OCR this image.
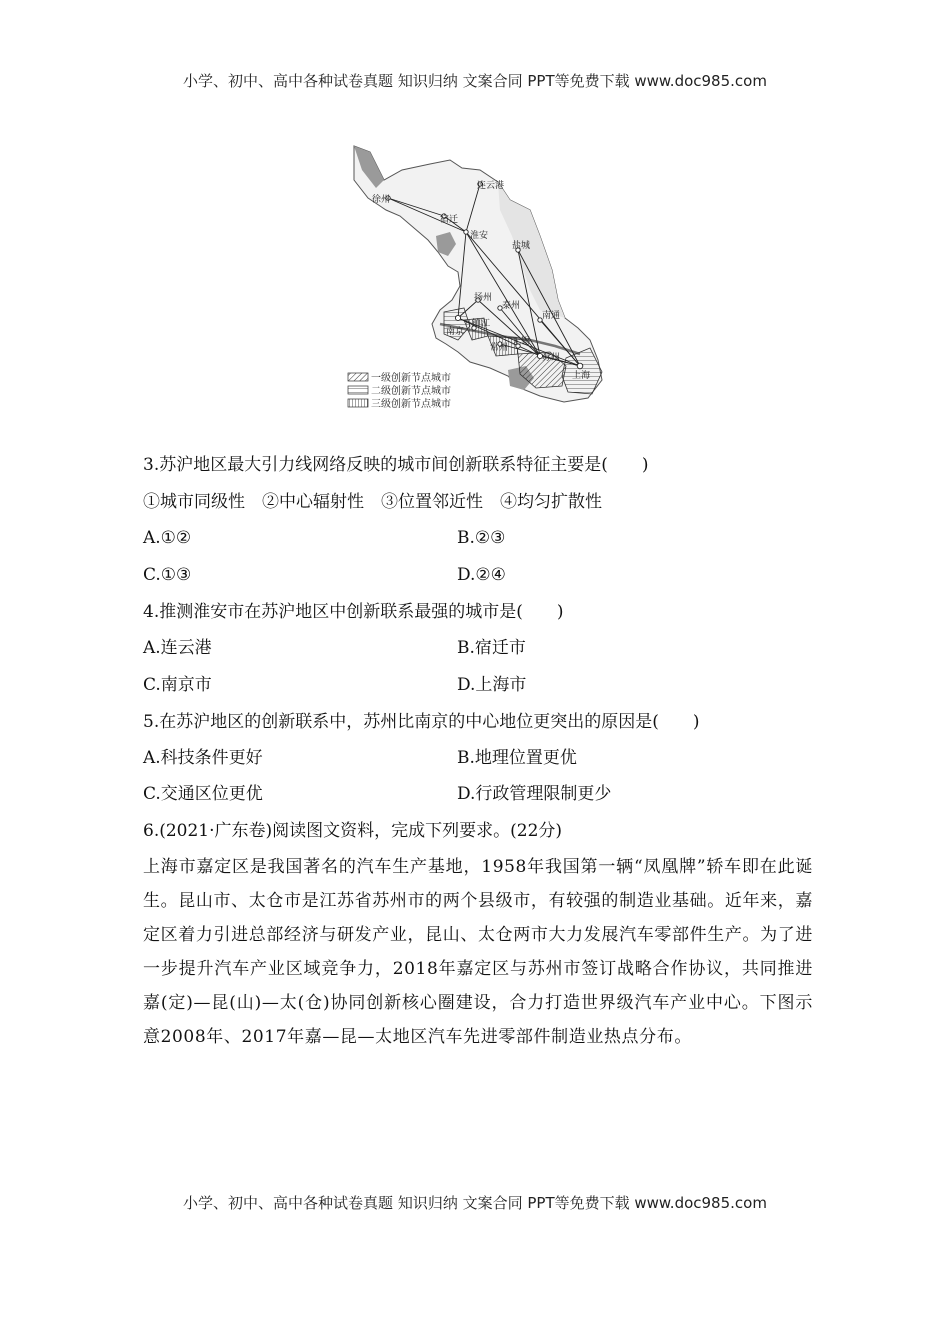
小学、初中、高中各种试卷真题 知识归纳 文案合同 PPT等免费下载 www.doc985.com
连云港
徐州
宿迁
淮安
盐城
扬州
泰州
南通
南京
镇江
常州
无锡
苏州
上海
一级创新节点城市
二级创新节点城市
三级创新节点城市
3.苏沪地区最大引力线网络反映的城市间创新联系特征主要是(　　)
①城市同级性　②中心辐射性　③位置邻近性　④均匀扩散性
A.①②	B.②③
C.①③	D.②④
4.推测淮安市在苏沪地区中创新联系最强的城市是(　　)
A.连云港	B.宿迁市
C.南京市	D.上海市
5.在苏沪地区的创新联系中，苏州比南京的中心地位更突出的原因是(　　)
A.科技条件更好	B.地理位置更优
C.交通区位更优	D.行政管理限制更少
6.(2021·广东卷)阅读图文资料，完成下列要求。(22分)

上海市嘉定区是我国著名的汽车生产基地，1958年我国第一辆“凤凰牌”轿车即在此诞生。昆山市、太仓市是江苏省苏州市的两个县级市，有较强的制造业基础。近年来，嘉定区着力引进总部经济与研发产业，昆山、太仓两市大力发展汽车零部件生产。为了进一步提升汽车产业区域竞争力，2018年嘉定区与苏州市签订战略合作协议，共同推进嘉(定)—昆(山)—太(仓)协同创新核心圈建设，合力打造世界级汽车产业中心。下图示意2008年、2017年嘉—昆—太地区汽车先进零部件制造业热点分布。

小学、初中、高中各种试卷真题 知识归纳 文案合同 PPT等免费下载 www.doc985.com
